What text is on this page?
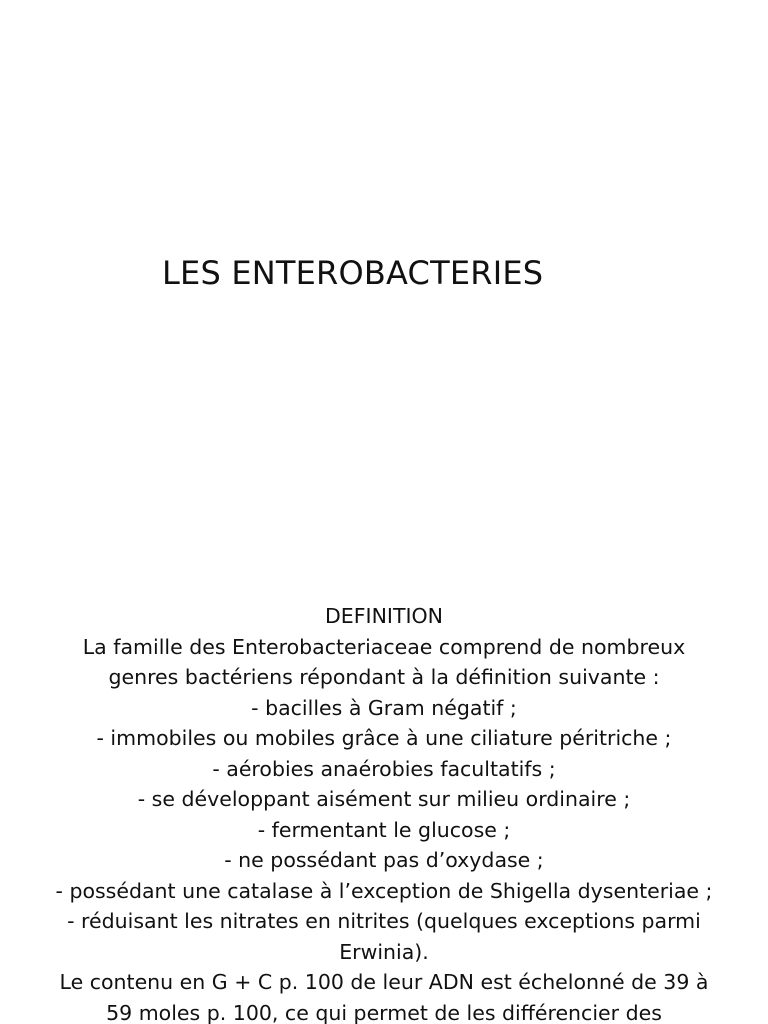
LES ENTEROBACTERIES
DEFINITION
La famille des Enterobacteriaceae comprend de nombreux
genres bactériens répondant à la définition suivante :
- bacilles à Gram négatif ;
- immobiles ou mobiles grâce à une ciliature péritriche ;
- aérobies anaérobies facultatifs ;
- se développant aisément sur milieu ordinaire ;
- fermentant le glucose ;
- ne possédant pas d’oxydase ;
- possédant une catalase à l’exception de Shigella dysenteriae ;
- réduisant les nitrates en nitrites (quelques exceptions parmi
Erwinia).
Le contenu en G + C p. 100 de leur ADN est échelonné de 39 à
59 moles p. 100, ce qui permet de les différencier des
